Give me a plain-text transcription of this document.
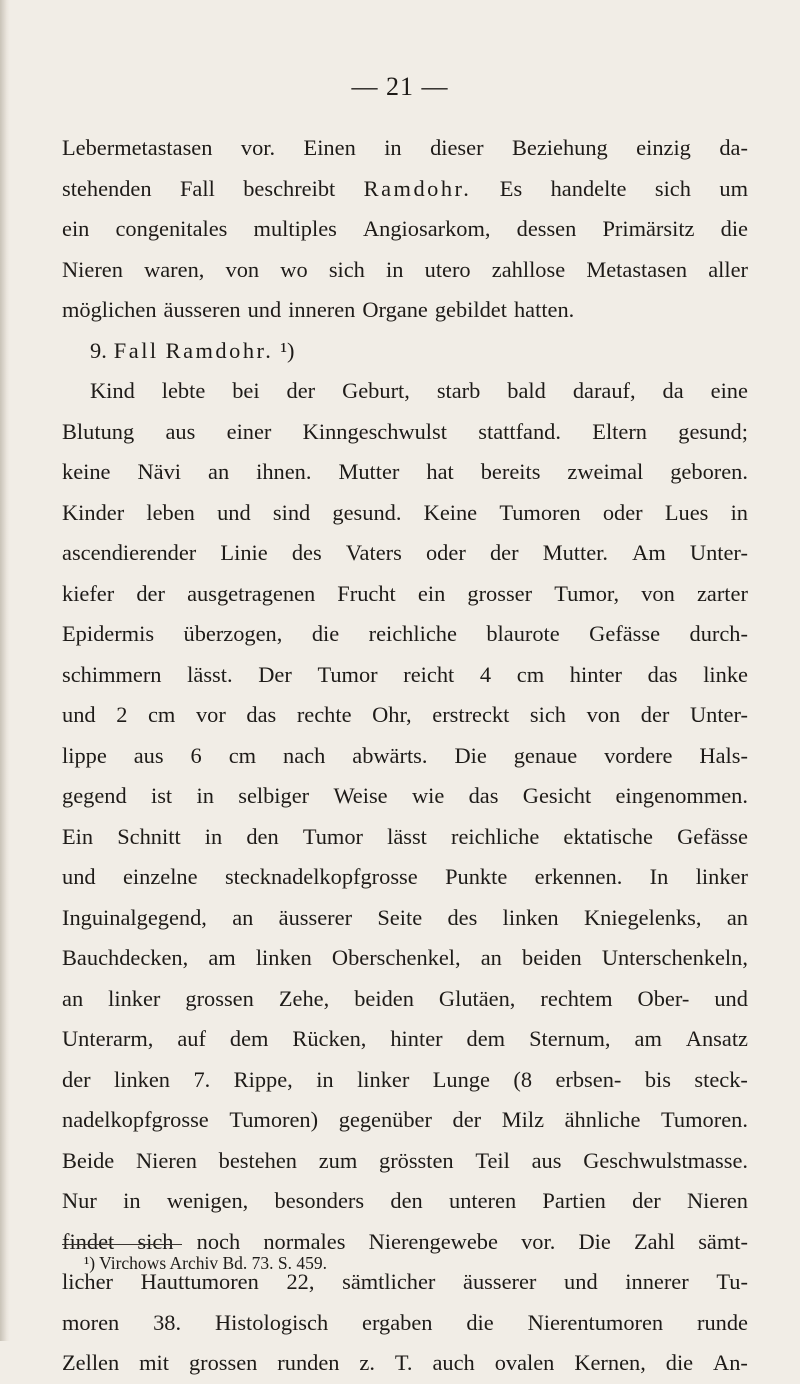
— 21 —
Lebermetastasen vor. Einen in dieser Beziehung einzig da-
stehenden Fall beschreibt Ramdohr. Es handelte sich um
ein congenitales multiples Angiosarkom, dessen Primärsitz die
Nieren waren, von wo sich in utero zahllose Metastasen aller
möglichen äusseren und inneren Organe gebildet hatten.
9. Fall Ramdohr. ¹)
Kind lebte bei der Geburt, starb bald darauf, da eine
Blutung aus einer Kinngeschwulst stattfand. Eltern gesund;
keine Nävi an ihnen. Mutter hat bereits zweimal geboren.
Kinder leben und sind gesund. Keine Tumoren oder Lues in
ascendierender Linie des Vaters oder der Mutter. Am Unter-
kiefer der ausgetragenen Frucht ein grosser Tumor, von zarter
Epidermis überzogen, die reichliche blaurote Gefässe durch-
schimmern lässt. Der Tumor reicht 4 cm hinter das linke
und 2 cm vor das rechte Ohr, erstreckt sich von der Unter-
lippe aus 6 cm nach abwärts. Die genaue vordere Hals-
gegend ist in selbiger Weise wie das Gesicht eingenommen.
Ein Schnitt in den Tumor lässt reichliche ektatische Gefässe
und einzelne stecknadelkopfgrosse Punkte erkennen. In linker
Inguinalgegend, an äusserer Seite des linken Kniegelenks, an
Bauchdecken, am linken Oberschenkel, an beiden Unterschenkeln,
an linker grossen Zehe, beiden Glutäen, rechtem Ober- und
Unterarm, auf dem Rücken, hinter dem Sternum, am Ansatz
der linken 7. Rippe, in linker Lunge (8 erbsen- bis steck-
nadelkopfgrosse Tumoren) gegenüber der Milz ähnliche Tumoren.
Beide Nieren bestehen zum grössten Teil aus Geschwulstmasse.
Nur in wenigen, besonders den unteren Partien der Nieren
findet sich noch normales Nierengewebe vor. Die Zahl sämt-
licher Hauttumoren 22, sämtlicher äusserer und innerer Tu-
moren 38. Histologisch ergaben die Nierentumoren runde
Zellen mit grossen runden z. T. auch ovalen Kernen, die An-
¹) Virchows Archiv Bd. 73. S. 459.
